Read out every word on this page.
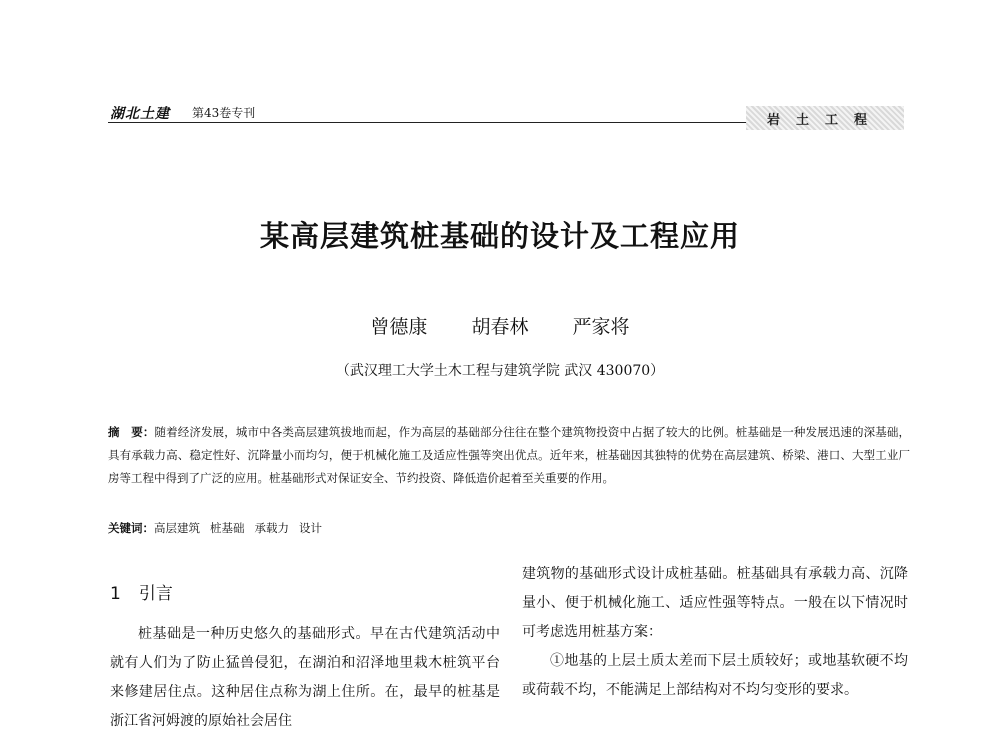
湖北土建 第43卷专刊	岩土工程
某高层建筑桩基础的设计及工程应用
曾德康 胡春林 严家将
（武汉理工大学土木工程与建筑学院 武汉 430070）
摘　要：随着经济发展，城市中各类高层建筑拔地而起，作为高层的基础部分往往在整个建筑物投资中占据了较大的比例。桩基础是一种发展迅速的深基础，具有承载力高、稳定性好、沉降量小而均匀，便于机械化施工及适应性强等突出优点。近年来，桩基础因其独特的优势在高层建筑、桥梁、港口、大型工业厂房等工程中得到了广泛的应用。桩基础形式对保证安全、节约投资、降低造价起着至关重要的作用。
关键词：高层建筑 桩基础 承载力 设计
1 引言
桩基础是一种历史悠久的基础形式。早在古代建筑活动中就有人们为了防止猛兽侵犯，在湖泊和沼泽地里栽木桩筑平台来修建居住点。这种居住点称为湖上住所。在，最早的桩基是浙江省河姆渡的原始社会居住

建筑物的基础形式设计成桩基础。桩基础具有承载力高、沉降量小、便于机械化施工、适应性强等特点。一般在以下情况时可考虑选用桩基方案：

①地基的上层土质太差而下层土质较好；或地基软硬不均或荷载不均，不能满足上部结构对不均匀变形的要求。
